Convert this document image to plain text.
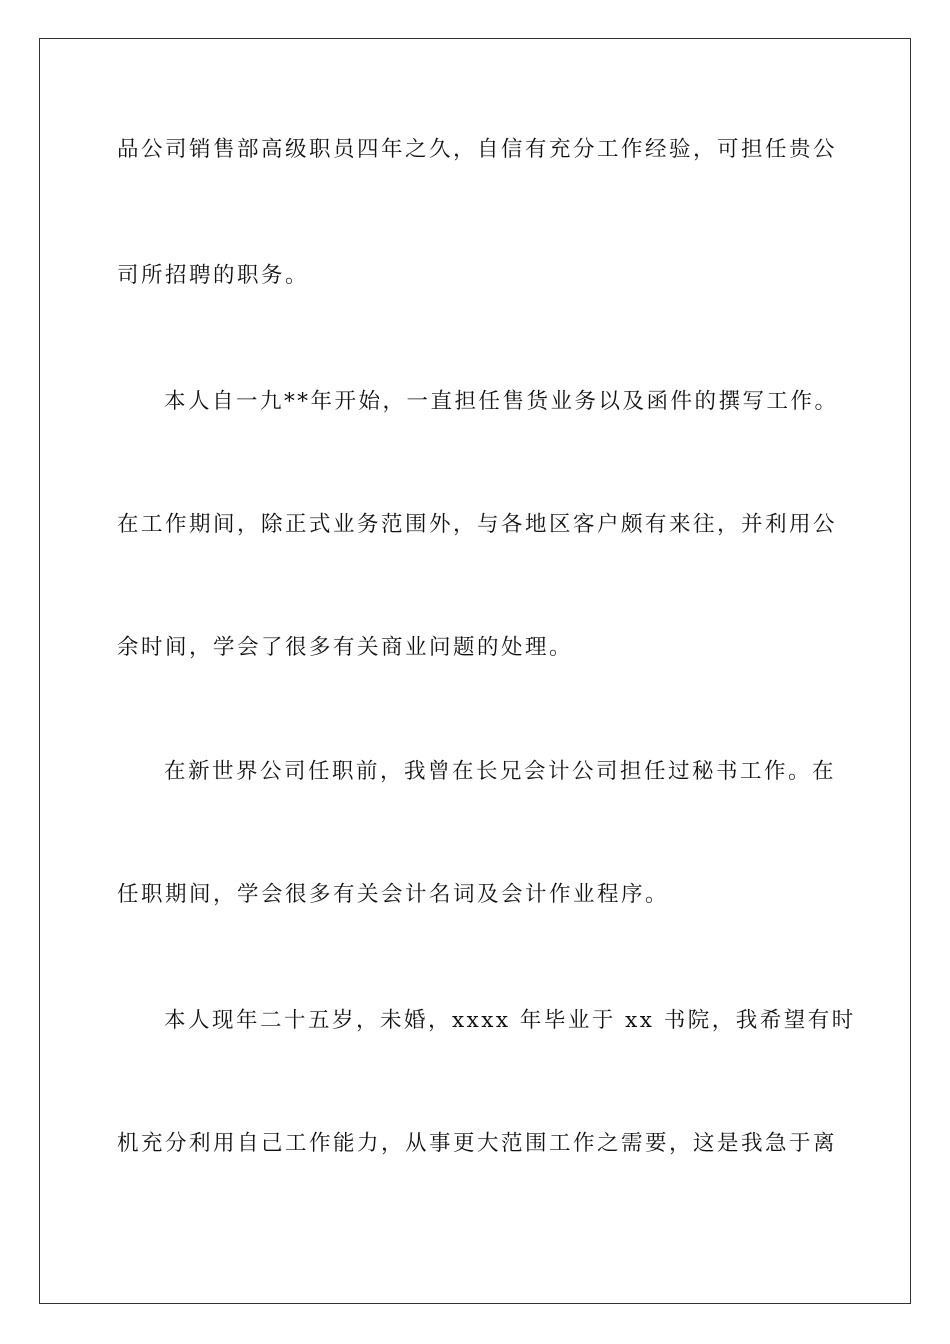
品公司销售部高级职员四年之久，自信有充分工作经验，可担任贵公
司所招聘的职务。
本人自一九**年开始，一直担任售货业务以及函件的撰写工作。
在工作期间，除正式业务范围外，与各地区客户颇有来往，并利用公
余时间，学会了很多有关商业问题的处理。
在新世界公司任职前，我曾在长兄会计公司担任过秘书工作。在
任职期间，学会很多有关会计名词及会计作业程序。
本人现年二十五岁，未婚，xxxx 年毕业于 xx 书院，我希望有时
机充分利用自己工作能力，从事更大范围工作之需要，这是我急于离
